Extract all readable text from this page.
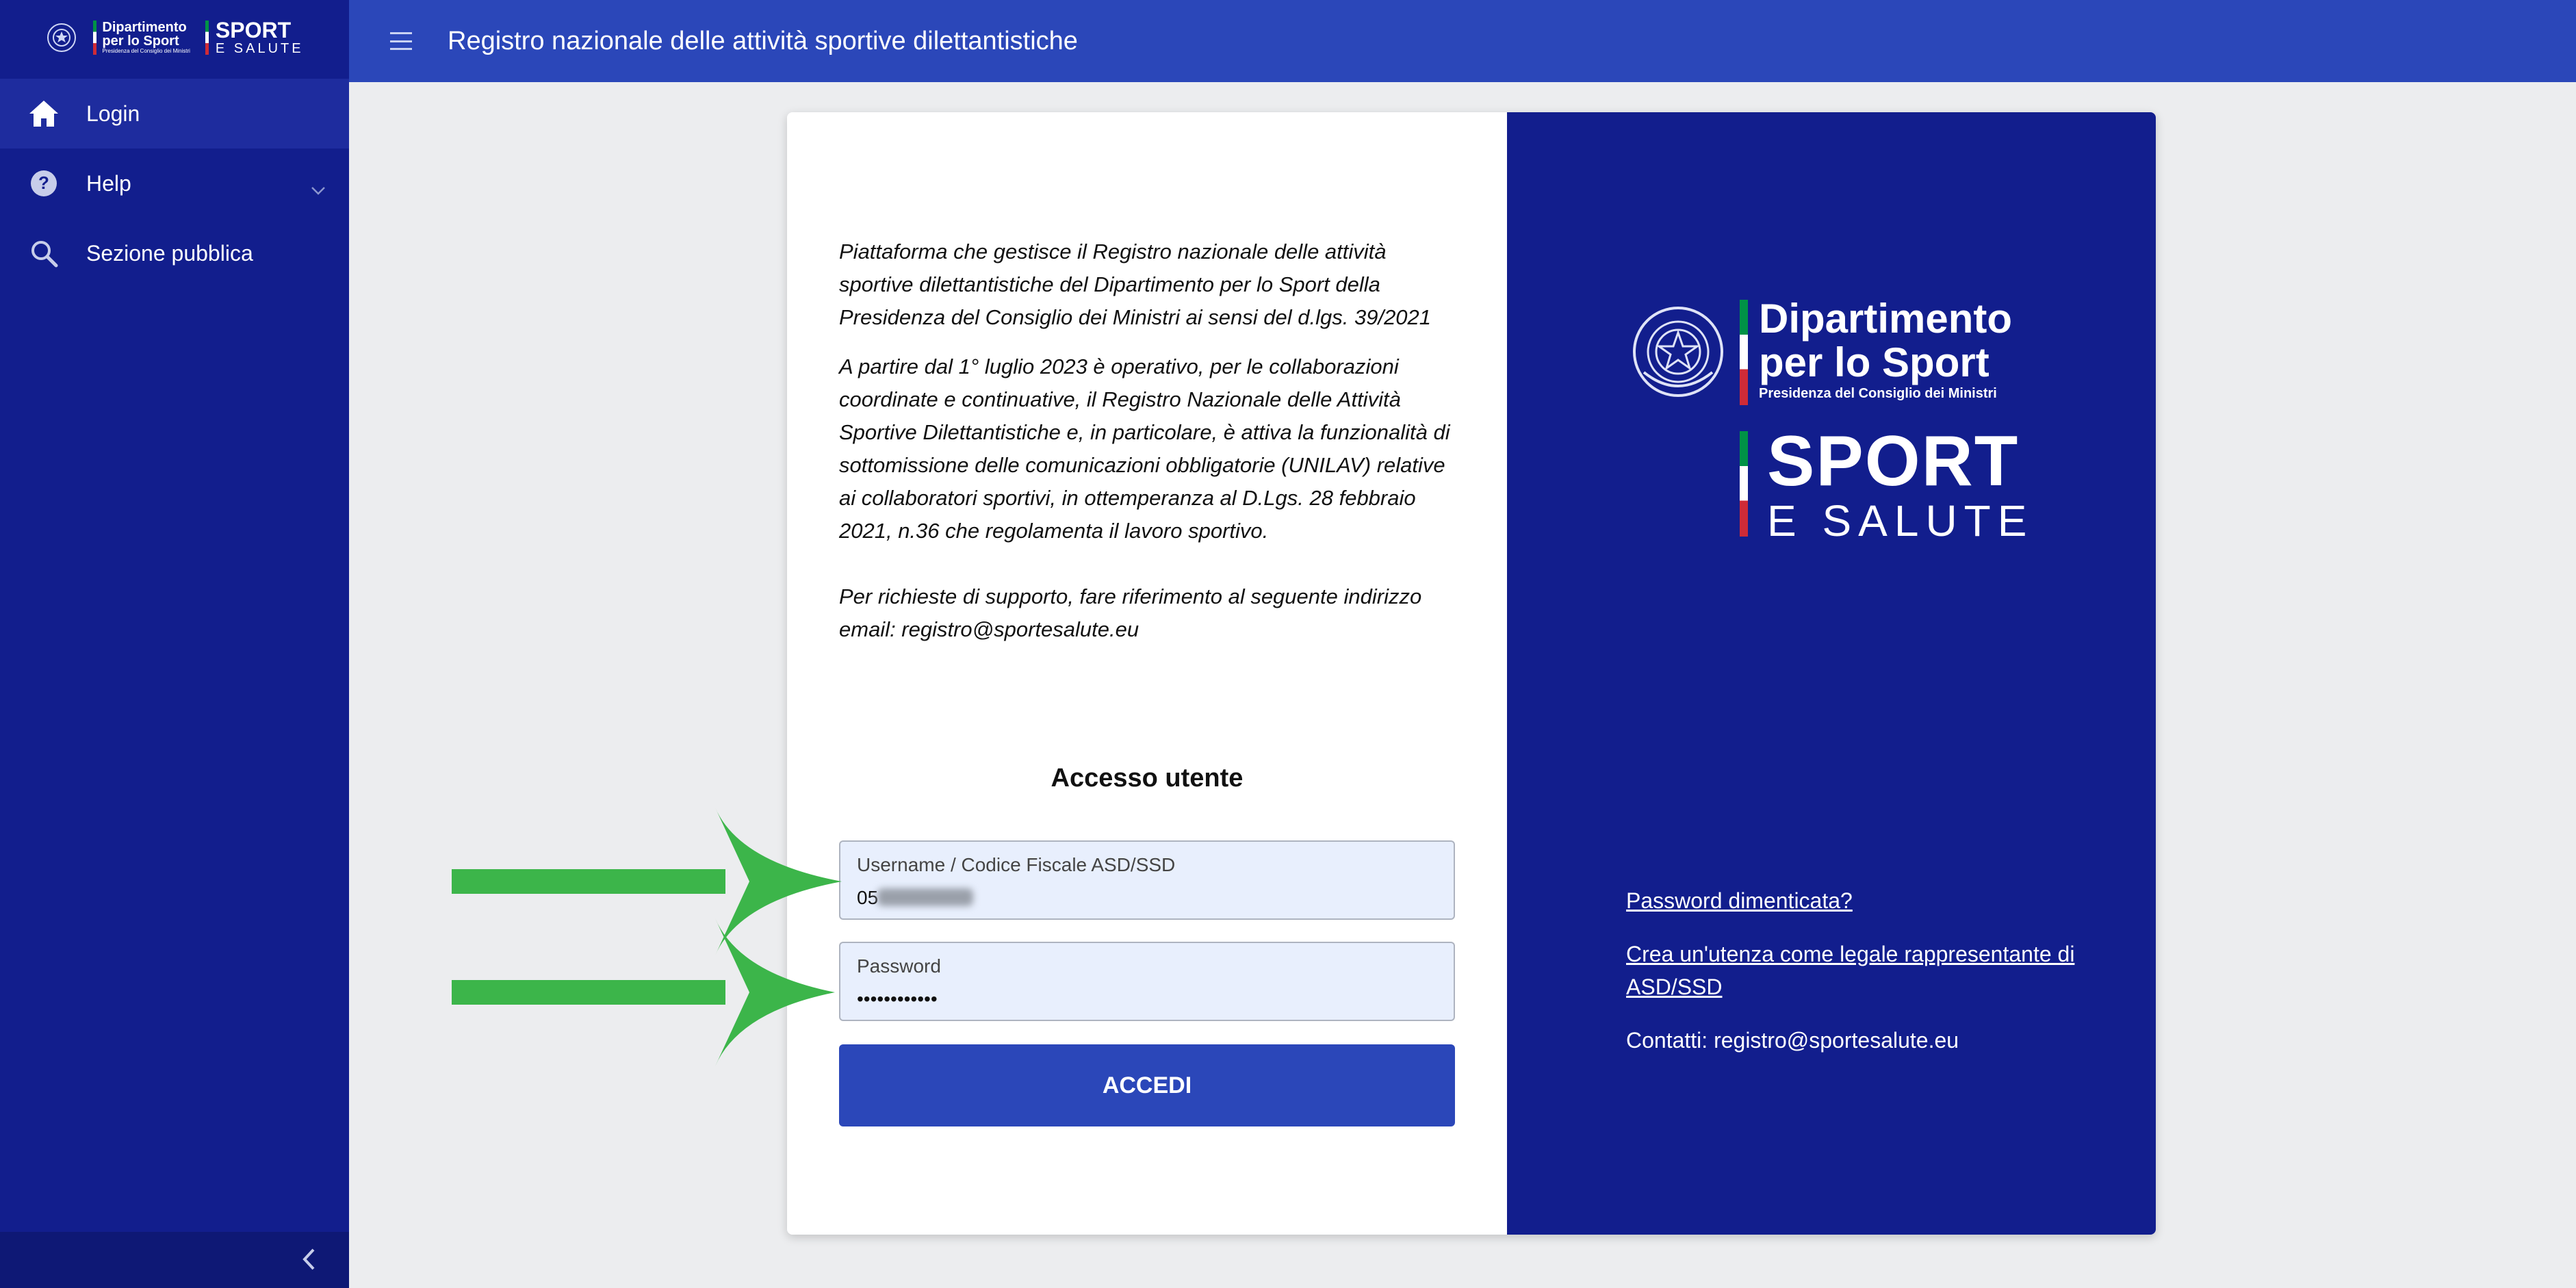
Dipartimento
per lo Sport
Presidenza del Consiglio dei Ministri
SPORT
E SALUTE
Login
? Help
Sezione pubblica
Registro nazionale delle attività sportive dilettantistiche

Piattaforma che gestisce il Registro nazionale delle attività sportive dilettantistiche del Dipartimento per lo Sport della Presidenza del Consiglio dei Ministri ai sensi del d.lgs. 39/2021

A partire dal 1° luglio 2023 è operativo, per le collaborazioni coordinate e continuative, il Registro Nazionale delle Attività Sportive Dilettantistiche e, in particolare, è attiva la funzionalità di sottomissione delle comunicazioni obbligatorie (UNILAV) relative ai collaboratori sportivi, in ottemperanza al D.Lgs. 28 febbraio 2021, n.36 che regolamenta il lavoro sportivo.

Per richieste di supporto, fare riferimento al seguente indirizzo email: registro@sportesalute.eu

Accesso utente
Username / Codice Fiscale ASD/SSD
05
Password
••••••••••••
ACCEDI
Dipartimento
per lo Sport
Presidenza del Consiglio dei Ministri
SPORT
E SALUTE
Password dimenticata?
Crea un'utenza come legale rappresentante di ASD/SSD
Contatti: registro@sportesalute.eu
